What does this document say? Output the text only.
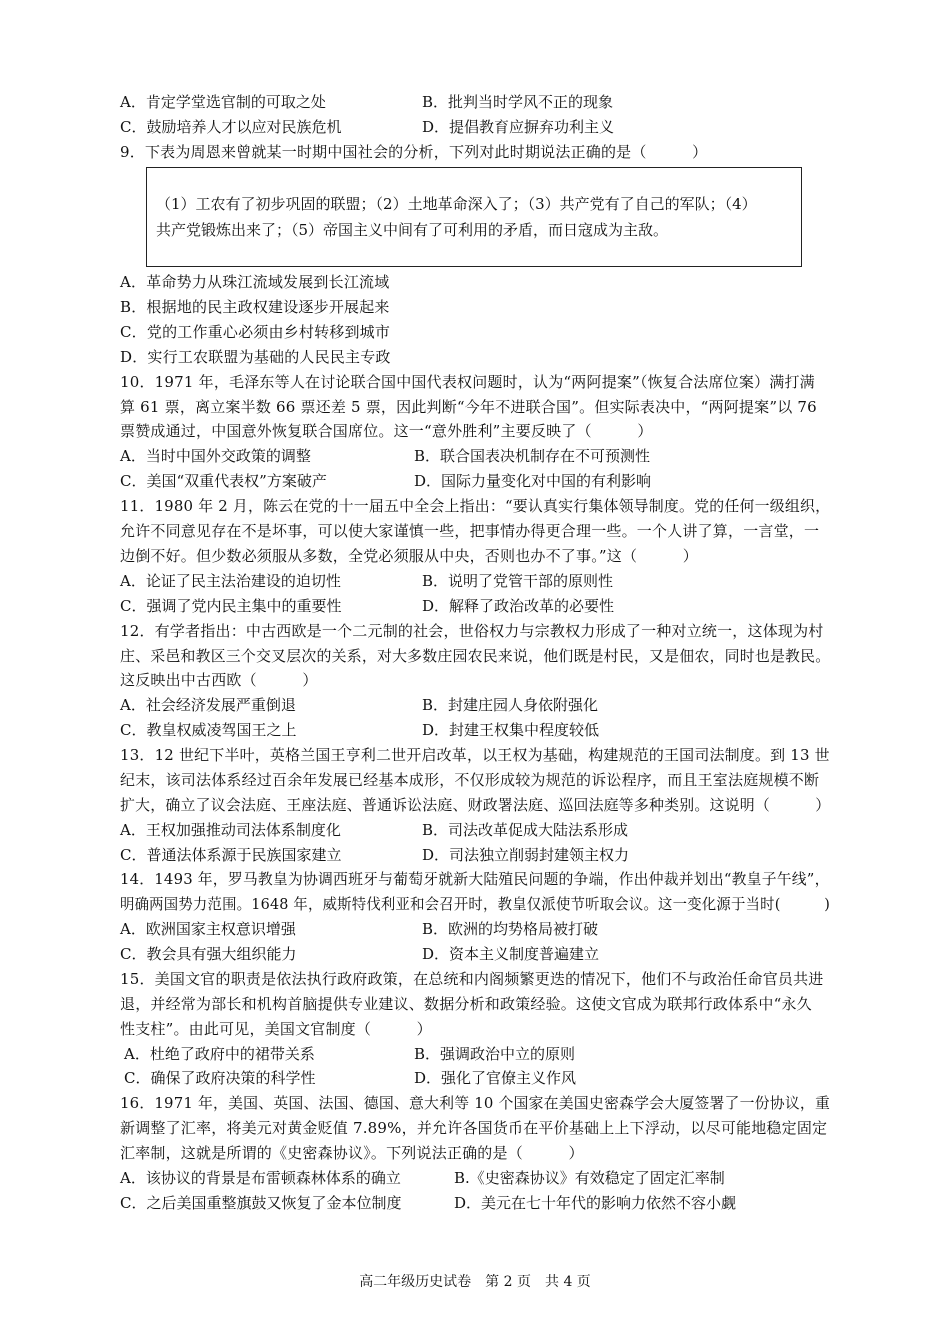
A．肯定学堂选官制的可取之处	B．批判当时学风不正的现象
C．鼓励培养人才以应对民族危机	D．提倡教育应摒弃功利主义
9．下表为周恩来曾就某一时期中国社会的分析，下列对此时期说法正确的是（　　　）
（1）工农有了初步巩固的联盟；（2）土地革命深入了；（3）共产党有了自己的军队；（4）
共产党锻炼出来了；（5）帝国主义中间有了可利用的矛盾，而日寇成为主敌。
A．革命势力从珠江流域发展到长江流域
B．根据地的民主政权建设逐步开展起来
C．党的工作重心必须由乡村转移到城市
D．实行工农联盟为基础的人民民主专政
10．1971 年，毛泽东等人在讨论联合国中国代表权问题时，认为“两阿提案”（恢复合法席位案）满打满
算 61 票，离立案半数 66 票还差 5 票，因此判断“今年不进联合国”。但实际表决中，“两阿提案”以 76
票赞成通过，中国意外恢复联合国席位。这一“意外胜利”主要反映了（　　　）
A．当时中国外交政策的调整	B．联合国表决机制存在不可预测性
C．美国“双重代表权”方案破产	D．国际力量变化对中国的有利影响
11．1980 年 2 月，陈云在党的十一届五中全会上指出：“要认真实行集体领导制度。党的任何一级组织，
允许不同意见存在不是坏事，可以使大家谨慎一些，把事情办得更合理一些。一个人讲了算，一言堂，一
边倒不好。但少数必须服从多数，全党必须服从中央，否则也办不了事。”这（　　　）
A．论证了民主法治建设的迫切性	B．说明了党管干部的原则性
C．强调了党内民主集中的重要性	D．解释了政治改革的必要性
12．有学者指出：中古西欧是一个二元制的社会，世俗权力与宗教权力形成了一种对立统一，这体现为村
庄、采邑和教区三个交叉层次的关系，对大多数庄园农民来说，他们既是村民，又是佃农，同时也是教民。
这反映出中古西欧（　　　）
A．社会经济发展严重倒退	B．封建庄园人身依附强化
C．教皇权威凌驾国王之上	D．封建王权集中程度较低
13．12 世纪下半叶，英格兰国王亨利二世开启改革，以王权为基础，构建规范的王国司法制度。到 13 世
纪末，该司法体系经过百余年发展已经基本成形，不仅形成较为规范的诉讼程序，而且王室法庭规模不断
扩大，确立了议会法庭、王座法庭、普通诉讼法庭、财政署法庭、巡回法庭等多种类别。这说明（　　　）
A．王权加强推动司法体系制度化	B．司法改革促成大陆法系形成
C．普通法体系源于民族国家建立	D．司法独立削弱封建领主权力
14．1493 年，罗马教皇为协调西班牙与葡萄牙就新大陆殖民问题的争端，作出仲裁并划出“教皇子午线”，
明确两国势力范围。1648 年，威斯特伐利亚和会召开时，教皇仅派使节听取会议。这一变化源于当时(　　　)
A．欧洲国家主权意识增强	B．欧洲的均势格局被打破
C．教会具有强大组织能力	D．资本主义制度普遍建立
15．美国文官的职责是依法执行政府政策，在总统和内阁频繁更迭的情况下，他们不与政治任命官员共进
退，并经常为部长和机构首脑提供专业建议、数据分析和政策经验。这使文官成为联邦行政体系中“永久
性支柱”。由此可见，美国文官制度（　　　）
A．杜绝了政府中的裙带关系	B．强调政治中立的原则
C．确保了政府决策的科学性	D．强化了官僚主义作风
16．1971 年，美国、英国、法国、德国、意大利等 10 个国家在美国史密森学会大厦签署了一份协议，重
新调整了汇率，将美元对黄金贬值 7.89%，并允许各国货币在平价基础上上下浮动，以尽可能地稳定固定
汇率制，这就是所谓的《史密森协议》。下列说法正确的是（　　　）
A．该协议的背景是布雷顿森林体系的确立	B.《史密森协议》有效稳定了固定汇率制
C．之后美国重整旗鼓又恢复了金本位制度	D．美元在七十年代的影响力依然不容小觑
高二年级历史试卷　第 2 页　共 4 页
